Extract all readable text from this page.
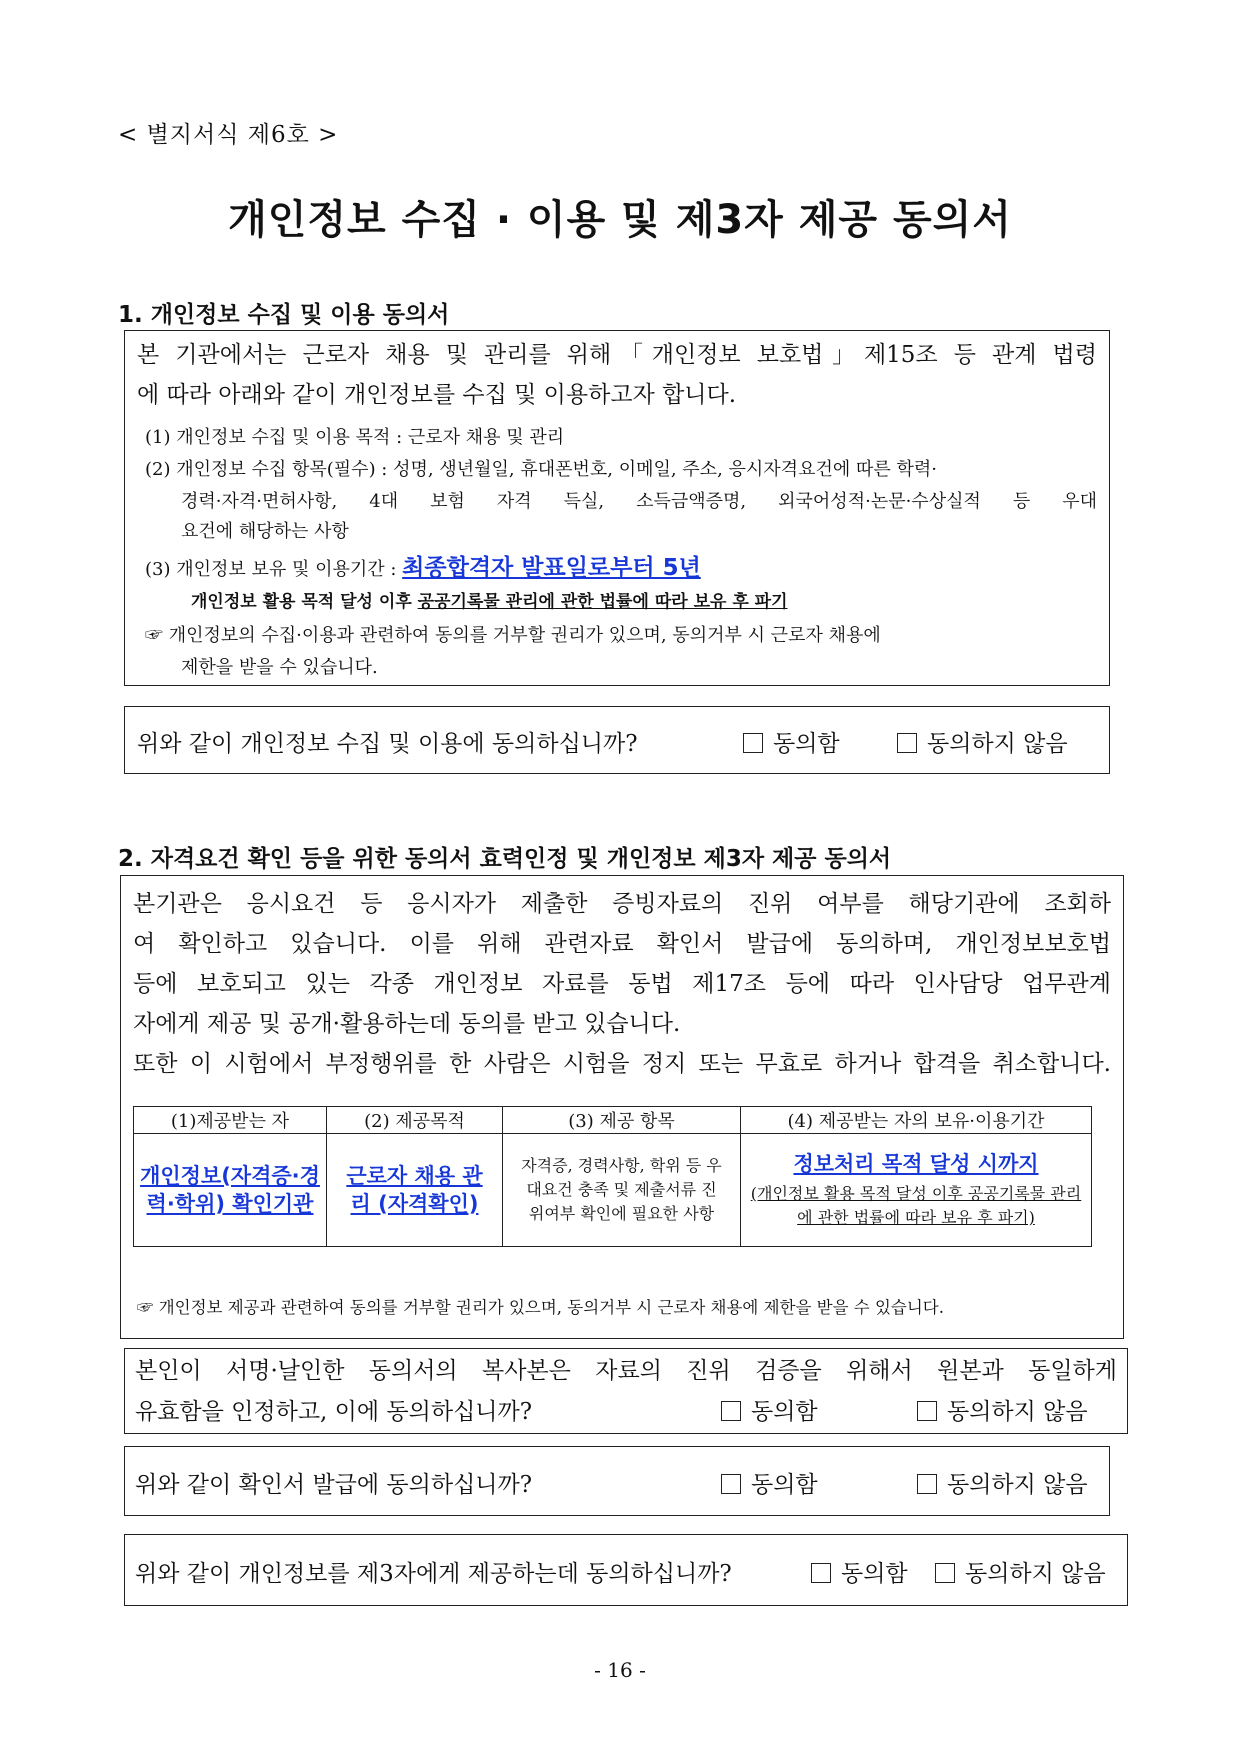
< 별지서식 제6호 >
개인정보 수집 · 이용 및 제3자 제공 동의서
1. 개인정보 수집 및 이용 동의서
본 기관에서는 근로자 채용 및 관리를 위해「개인정보 보호법」제15조 등 관계 법령
에 따라 아래와 같이 개인정보를 수집 및 이용하고자 합니다.
(1) 개인정보 수집 및 이용 목적 : 근로자 채용 및 관리
(2) 개인정보 수집 항목(필수) : 성명, 생년월일, 휴대폰번호, 이메일, 주소, 응시자격요건에 따른 학력·
경력·자격·면허사항, 4대 보험 자격 득실, 소득금액증명, 외국어성적·논문·수상실적 등 우대
요건에 해당하는 사항
(3) 개인정보 보유 및 이용기간 : 최종합격자 발표일로부터 5년
개인정보 활용 목적 달성 이후 공공기록물 관리에 관한 법률에 따라 보유 후 파기
☞ 개인정보의 수집·이용과 관련하여 동의를 거부할 권리가 있으며, 동의거부 시 근로자 채용에
제한을 받을 수 있습니다.
위와 같이 개인정보 수집 및 이용에 동의하십니까?	동의함	동의하지 않음
2. 자격요건 확인 등을 위한 동의서 효력인정 및 개인정보 제3자 제공 동의서
본기관은 응시요건 등 응시자가 제출한 증빙자료의 진위 여부를 해당기관에 조회하
여 확인하고 있습니다. 이를 위해 관련자료 확인서 발급에 동의하며, 개인정보보호법
등에 보호되고 있는 각종 개인정보 자료를 동법 제17조 등에 따라 인사담당 업무관계
자에게 제공 및 공개·활용하는데 동의를 받고 있습니다.
또한 이 시험에서 부정행위를 한 사람은 시험을 정지 또는 무효로 하거나 합격을 취소합니다.
(1)제공받는 자	(2) 제공목적	(3) 제공 항목	(4) 제공받는 자의 보유·이용기간

개인정보(자격증·경력·학위) 확인기관	근로자 채용 관리 (자격확인)	자격증, 경력사항, 학위 등 우대요건 충족 및 제출서류 진위여부 확인에 필요한 사항	정보처리 목적 달성 시까지
(개인정보 활용 목적 달성 이후 공공기록물 관리에 관한 법률에 따라 보유 후 파기)
☞ 개인정보 제공과 관련하여 동의를 거부할 권리가 있으며, 동의거부 시 근로자 채용에 제한을 받을 수 있습니다.
본인이 서명·날인한 동의서의 복사본은 자료의 진위 검증을 위해서 원본과 동일하게
유효함을 인정하고, 이에 동의하십니까?	동의함	동의하지 않음
위와 같이 확인서 발급에 동의하십니까?	동의함	동의하지 않음
위와 같이 개인정보를 제3자에게 제공하는데 동의하십니까?	동의함	동의하지 않음
- 16 -
